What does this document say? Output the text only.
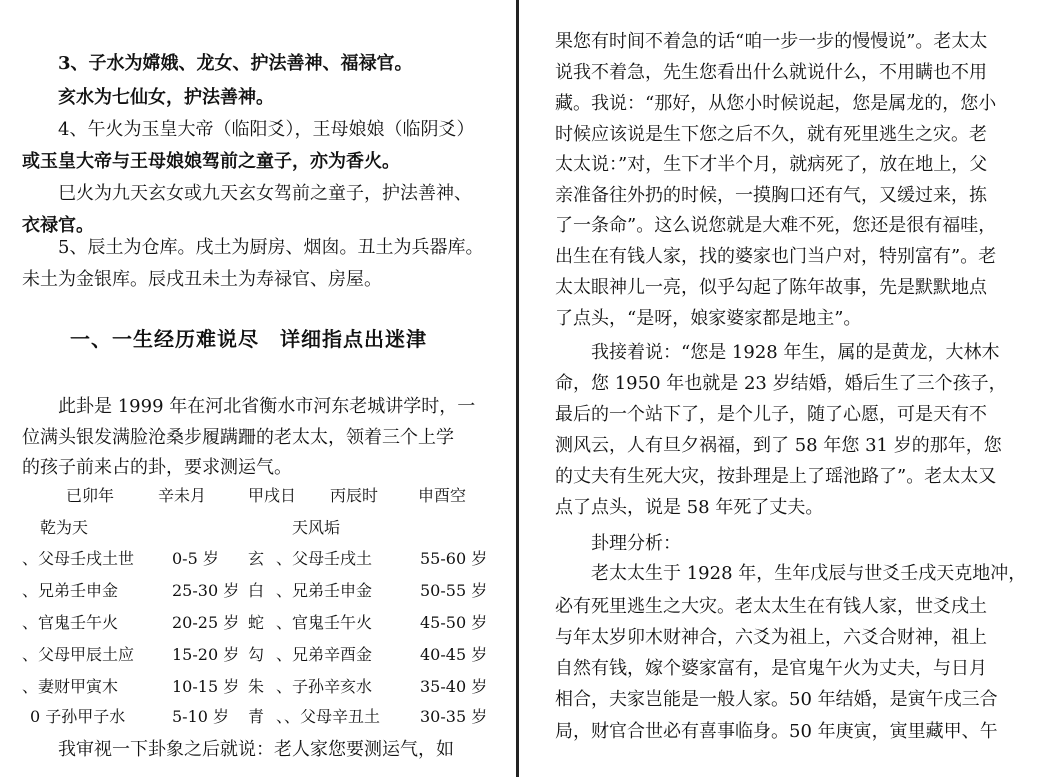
3、子水为嫦娥、龙女、护法善神、福禄官。
亥水为七仙女，护法善神。
4、午火为玉皇大帝（临阳爻），王母娘娘（临阴爻）
或玉皇大帝与王母娘娘驾前之童子，亦为香火。
巳火为九天玄女或九天玄女驾前之童子，护法善神、
衣禄官。
5、辰土为仓库。戌土为厨房、烟囱。丑土为兵器库。
未土为金银库。辰戌丑未土为寿禄官、房屋。
一、一生经历难说尽　详细指点出迷津
此卦是 1999 年在河北省衡水市河东老城讲学时，一
位满头银发满脸沧桑步履蹒跚的老太太，领着三个上学
的孩子前来占的卦，要求测运气。
已卯年	辛未月	甲戌日 丙辰时 申酉空
乾为天	天风垢
、父母壬戌土世 0-5 岁 玄 、父母壬戌土	55-60 岁
、兄弟壬申金	25-30 岁 白 、兄弟壬申金	50-55 岁
、官鬼壬午火	20-25 岁 蛇 、官鬼壬午火	45-50 岁
、父母甲辰土应 15-20 岁 勾 、兄弟辛酉金	40-45 岁
、妻财甲寅木	10-15 岁 朱 、子孙辛亥水	35-40 岁
0 子孙甲子水	5-10 岁 青 、、父母辛丑土 30-35 岁
我审视一下卦象之后就说：老人家您要测运气，如
果您有时间不着急的话“咱一步一步的慢慢说”。老太太
说我不着急，先生您看出什么就说什么，不用瞒也不用
藏。我说：“那好，从您小时候说起，您是属龙的，您小
时候应该说是生下您之后不久，就有死里逃生之灾。老
太太说：”对，生下才半个月，就病死了，放在地上，父
亲准备往外扔的时候，一摸胸口还有气，又缓过来，拣
了一条命”。这么说您就是大难不死，您还是很有福哇，
出生在有钱人家，找的婆家也门当户对，特别富有”。老
太太眼神儿一亮，似乎勾起了陈年故事，先是默默地点
了点头，“是呀，娘家婆家都是地主”。
我接着说：“您是 1928 年生，属的是黄龙，大林木
命，您 1950 年也就是 23 岁结婚，婚后生了三个孩子，
最后的一个站下了，是个儿子，随了心愿，可是天有不
测风云，人有旦夕祸福，到了 58 年您 31 岁的那年，您
的丈夫有生死大灾，按卦理是上了瑶池路了”。老太太又
点了点头，说是 58 年死了丈夫。
卦理分析：
老太太生于 1928 年，生年戊辰与世爻壬戌天克地冲，
必有死里逃生之大灾。老太太生在有钱人家，世爻戌土
与年太岁卯木财神合，六爻为祖上，六爻合财神，祖上
自然有钱，嫁个婆家富有，是官鬼午火为丈夫，与日月
相合，夫家岂能是一般人家。50 年结婚，是寅午戌三合
局，财官合世必有喜事临身。50 年庚寅，寅里藏甲、午
